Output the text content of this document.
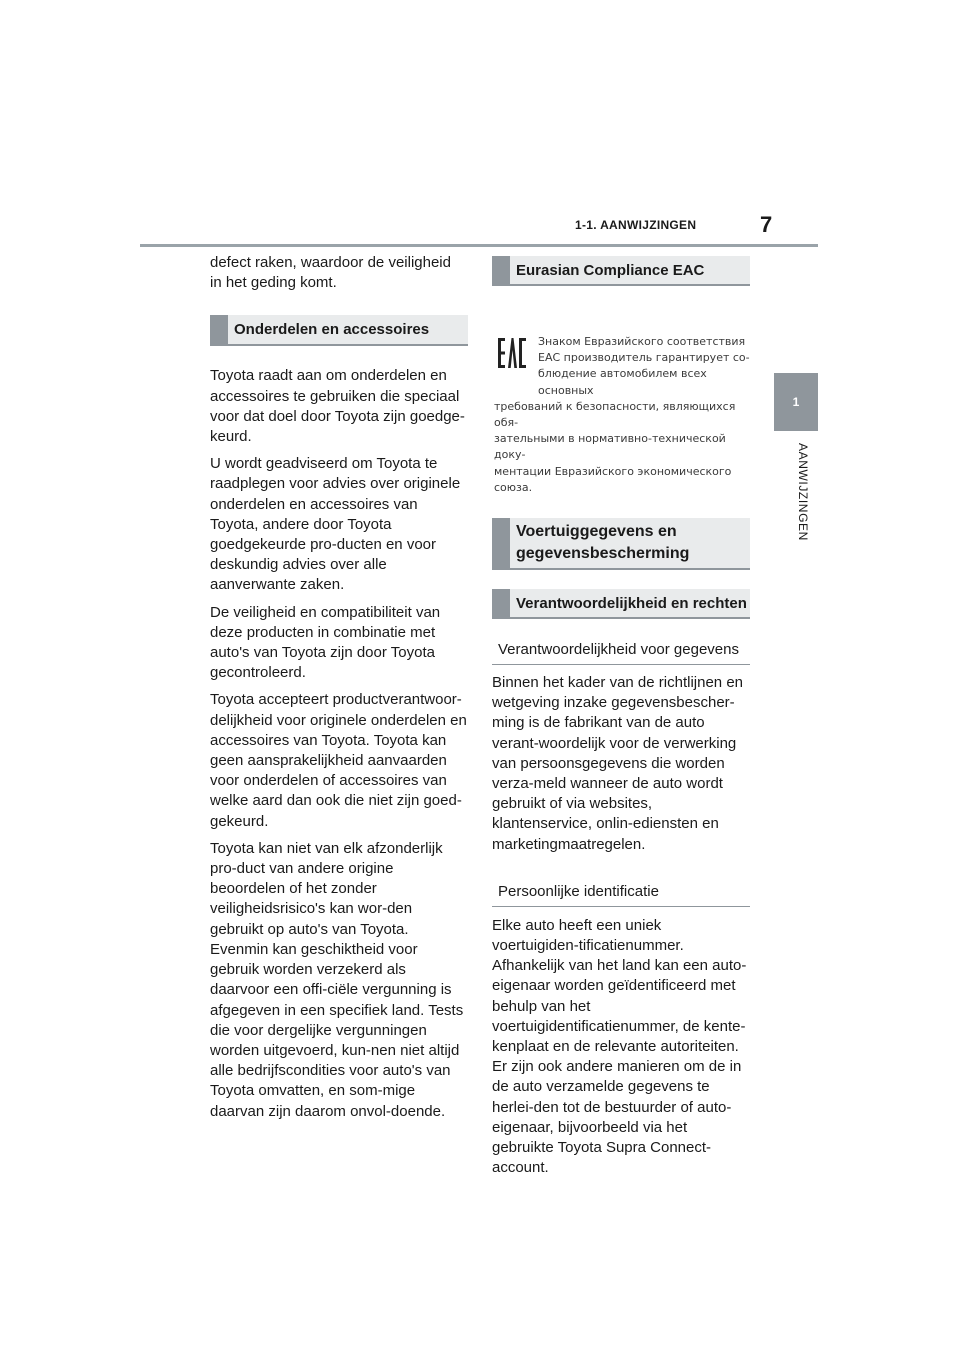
1-1. AANWIJZINGEN	7
1
AANWIJZINGEN

defect raken, waardoor de veiligheid in het geding komt.

Onderdelen en accessoires

Toyota raadt aan om onderdelen en accessoires te gebruiken die speciaal voor dat doel door Toyota zijn goedge-keurd.

U wordt geadviseerd om Toyota te raadplegen voor advies over originele onderdelen en accessoires van Toyota, andere door Toyota goedgekeurde pro-ducten en voor deskundig advies over alle aanverwante zaken.

De veiligheid en compatibiliteit van deze producten in combinatie met auto's van Toyota zijn door Toyota gecontroleerd.

Toyota accepteert productverantwoor-delijkheid voor originele onderdelen en accessoires van Toyota. Toyota kan geen aansprakelijkheid aanvaarden voor onderdelen of accessoires van welke aard dan ook die niet zijn goed-gekeurd.

Toyota kan niet van elk afzonderlijk pro-duct van andere origine beoordelen of het zonder veiligheidsrisico's kan wor-den gebruikt op auto's van Toyota. Evenmin kan geschiktheid voor gebruik worden verzekerd als daarvoor een offi-ciële vergunning is afgegeven in een specifiek land. Tests die voor dergelijke vergunningen worden uitgevoerd, kun-nen niet altijd alle bedrijfscondities voor auto's van Toyota omvatten, en som-mige daarvan zijn daarom onvol-doende.

Eurasian Compliance EAC
Знаком Евразийского соответствия
ЕАС производитель гарантирует со-
блюдение автомобилем всех основных
требований к безопасности, являющихся обя-
зательными в нормативно-технической доку-
ментации Евразийского экономического
союза.
Voertuiggegevens en
gegevensbescherming
Verantwoordelijkheid en rechten
Verantwoordelijkheid voor gegevens

Binnen het kader van de richtlijnen en wetgeving inzake gegevensbescher-ming is de fabrikant van de auto verant-woordelijk voor de verwerking van persoonsgegevens die worden verza-meld wanneer de auto wordt gebruikt of via websites, klantenservice, onlin-ediensten en marketingmaatregelen.

Persoonlijke identificatie

Elke auto heeft een uniek voertuigiden-tificatienummer. Afhankelijk van het land kan een auto-eigenaar worden geïdentificeerd met behulp van het voertuigidentificatienummer, de kente-kenplaat en de relevante autoriteiten. Er zijn ook andere manieren om de in de auto verzamelde gegevens te herlei-den tot de bestuurder of auto-eigenaar, bijvoorbeeld via het gebruikte Toyota Supra Connect-account.
